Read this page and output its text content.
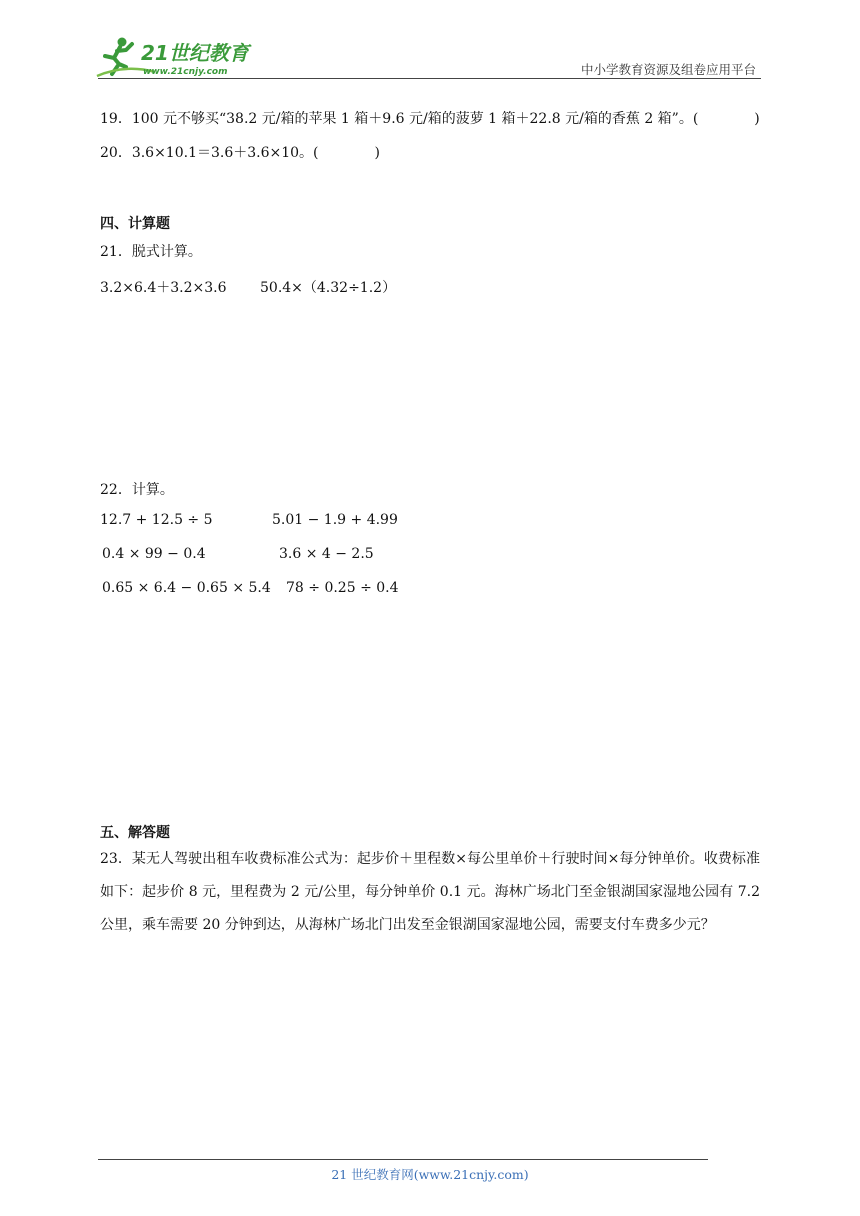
21世纪教育
www.21cnjy.com	中小学教育资源及组卷应用平台
19．100 元不够买“38.2 元/箱的苹果 1 箱＋9.6 元/箱的菠萝 1 箱＋22.8 元/箱的香蕉 2 箱”。(　　　　)
20．3.6×10.1＝3.6＋3.6×10。(　　　　)
四、计算题
21．脱式计算。
3.2×6.4＋3.2×3.6 50.4×（4.32÷1.2）
22．计算。
12.7 + 12.5 ÷ 5	5.01 − 1.9 + 4.99
0.4 × 99 − 0.4	3.6 × 4 − 2.5
0.65 × 6.4 − 0.65 × 5.4 78 ÷ 0.25 ÷ 0.4
五、解答题
23．某无人驾驶出租车收费标准公式为：起步价＋里程数×每公里单价＋行驶时间×每分钟单价。收费标准如下：起步价 8 元，里程费为 2 元/公里，每分钟单价 0.1 元。海林广场北门至金银湖国家湿地公园有 7.2 公里，乘车需要 20 分钟到达，从海林广场北门出发至金银湖国家湿地公园，需要支付车费多少元？
21 世纪教育网(www.21cnjy.com)
